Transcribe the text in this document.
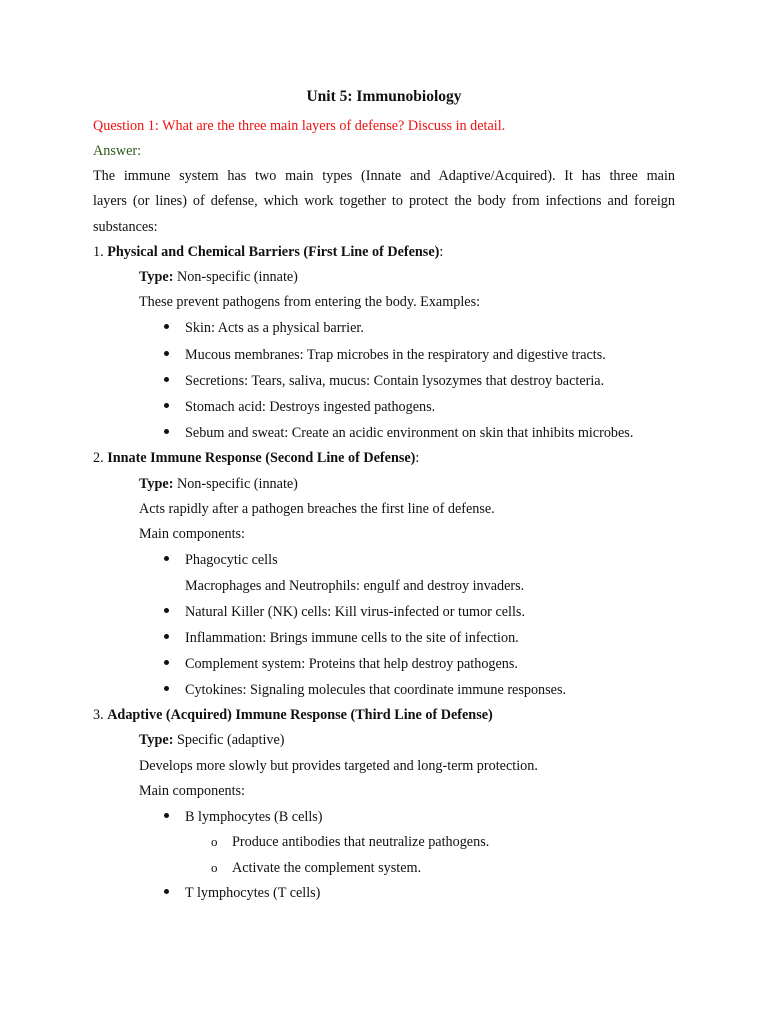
Unit 5: Immunobiology
Question 1: What are the three main layers of defense? Discuss in detail.
Answer:
The immune system has two main types (Innate and Adaptive/Acquired). It has three main
layers (or lines) of defense, which work together to protect the body from infections and foreign
substances:
1. Physical and Chemical Barriers (First Line of Defense):
Type: Non-specific (innate)
These prevent pathogens from entering the body. Examples:
Skin: Acts as a physical barrier.
Mucous membranes: Trap microbes in the respiratory and digestive tracts.
Secretions: Tears, saliva, mucus: Contain lysozymes that destroy bacteria.
Stomach acid: Destroys ingested pathogens.
Sebum and sweat: Create an acidic environment on skin that inhibits microbes.
2. Innate Immune Response (Second Line of Defense):
Type: Non-specific (innate)
Acts rapidly after a pathogen breaches the first line of defense.
Main components:
Phagocytic cells
Macrophages and Neutrophils: engulf and destroy invaders.
Natural Killer (NK) cells: Kill virus-infected or tumor cells.
Inflammation: Brings immune cells to the site of infection.
Complement system: Proteins that help destroy pathogens.
Cytokines: Signaling molecules that coordinate immune responses.
3. Adaptive (Acquired) Immune Response (Third Line of Defense)
Type: Specific (adaptive)
Develops more slowly but provides targeted and long-term protection.
Main components:
B lymphocytes (B cells)
o Produce antibodies that neutralize pathogens.
o Activate the complement system.
T lymphocytes (T cells)
